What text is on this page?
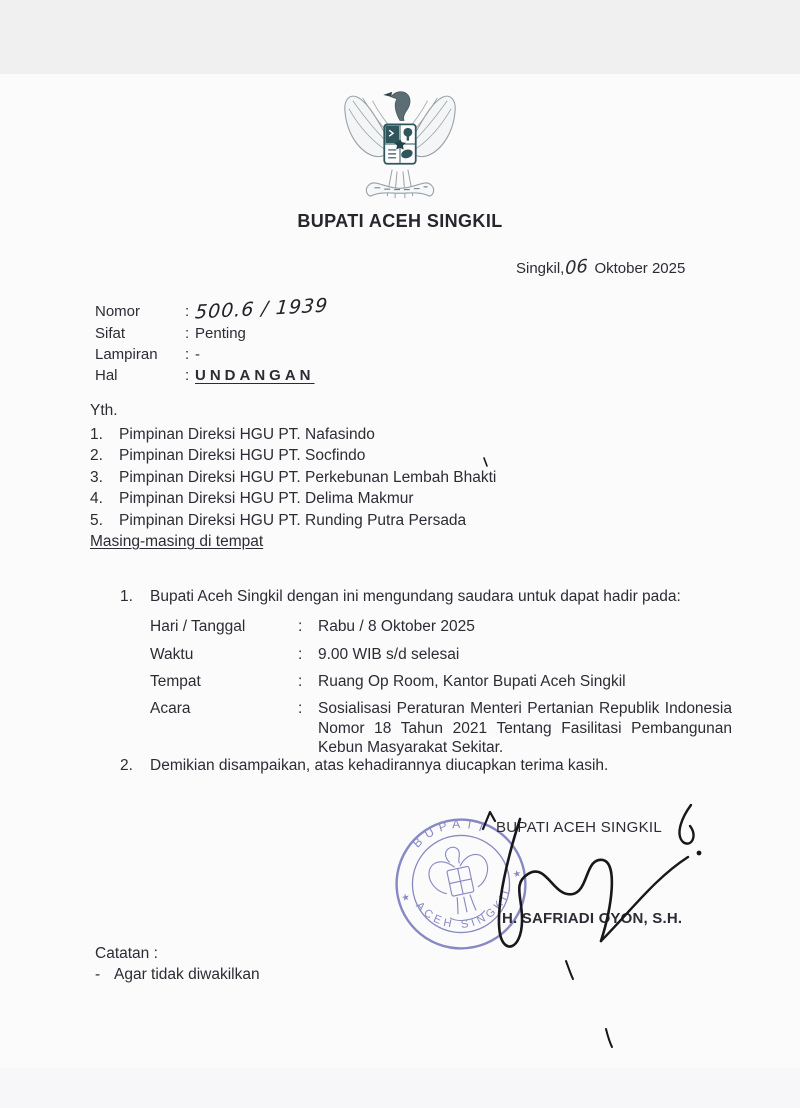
BUPATI ACEH SINGKIL
Singkil,06 Oktober 2025
Nomor	: 500.6 / 1939
Sifat	: Penting
Lampiran	: -
Hal	: UNDANGAN
Yth.
1.	Pimpinan Direksi HGU PT. Nafasindo
2.	Pimpinan Direksi HGU PT. Socfindo
3.	Pimpinan Direksi HGU PT. Perkebunan Lembah Bhakti
4.	Pimpinan Direksi HGU PT. Delima Makmur
5.	Pimpinan Direksi HGU PT. Runding Putra Persada
Masing-masing di tempat
1.	Bupati Aceh Singkil dengan ini mengundang saudara untuk dapat hadir pada:
Hari / Tanggal	:	Rabu / 8 Oktober 2025
Waktu	:	9.00 WIB s/d selesai
Tempat	:	Ruang Op Room, Kantor Bupati Aceh Singkil
Acara	:	Sosialisasi Peraturan Menteri Pertanian Republik Indonesia Nomor 18 Tahun 2021 Tentang Fasilitasi Pembangunan Kebun Masyarakat Sekitar.
2.	Demikian disampaikan, atas kehadirannya diucapkan terima kasih.
BUPATI
ACEH SINGKIL
★
★
BUPATI ACEH SINGKIL
H. SAFRIADI OYON, S.H.
Catatan :
- Agar tidak diwakilkan
